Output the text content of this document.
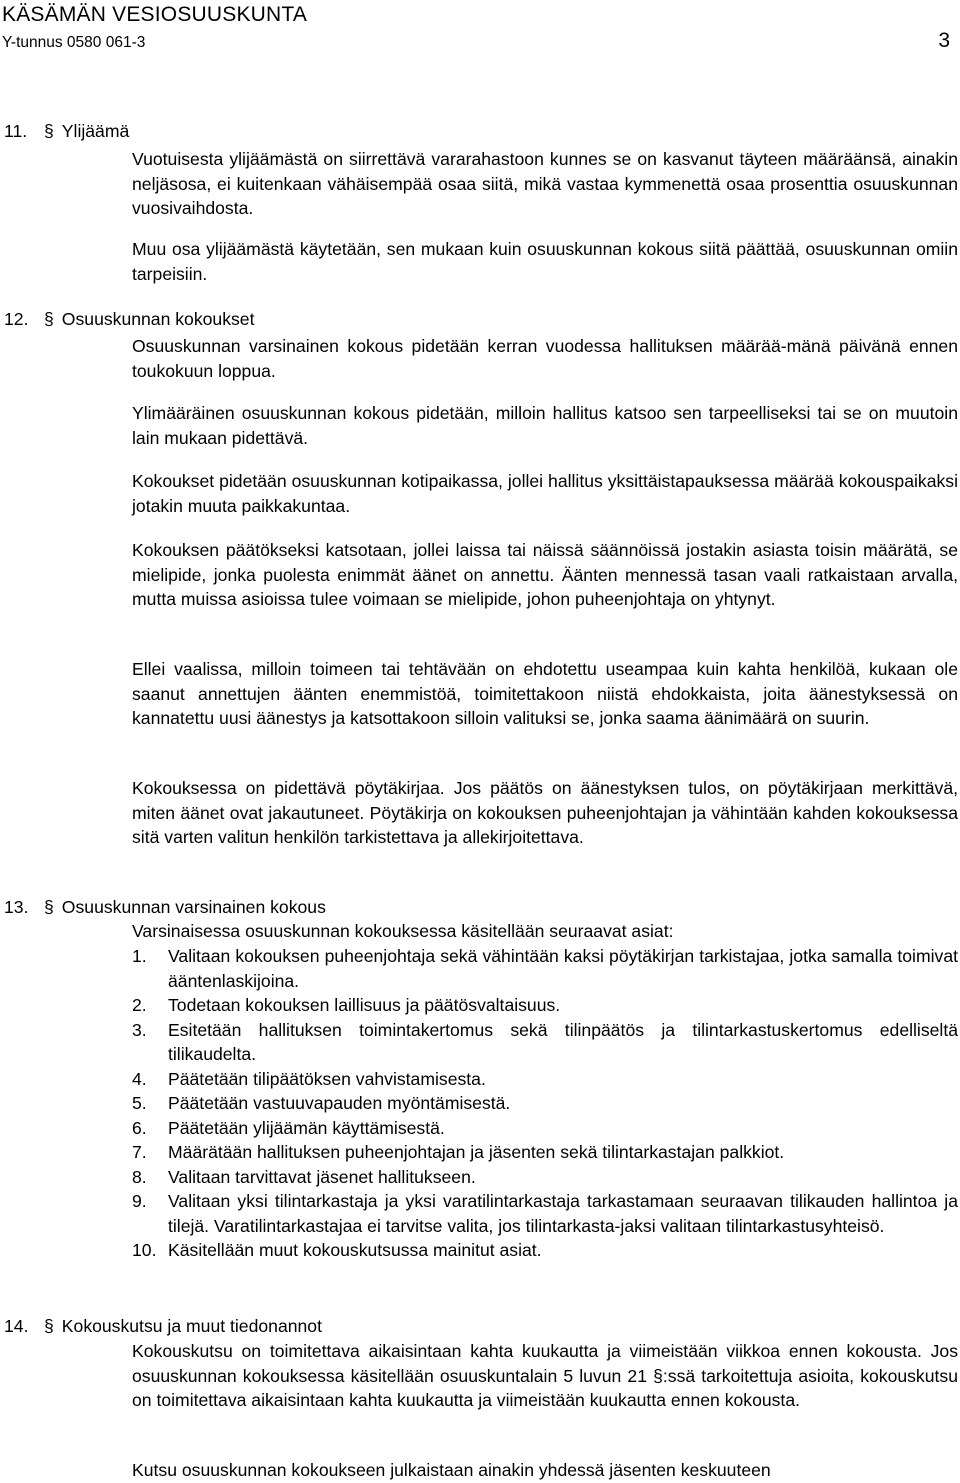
KÄSÄMÄN VESIOSUUSKUNTA
Y-tunnus 0580 061-3	3
11. § Ylijäämä
Vuotuisesta ylijäämästä on siirrettävä vararahastoon kunnes se on kasvanut täyteen määräänsä, ainakin neljäsosa, ei kuitenkaan vähäisempää osaa siitä, mikä vastaa kymmenettä osaa prosenttia osuuskunnan vuosivaihdosta.
Muu osa ylijäämästä käytetään, sen mukaan kuin osuuskunnan kokous siitä päättää, osuuskunnan omiin tarpeisiin.
12. § Osuuskunnan kokoukset
Osuuskunnan varsinainen kokous pidetään kerran vuodessa hallituksen määrää-mänä päivänä ennen toukokuun loppua.
Ylimääräinen osuuskunnan kokous pidetään, milloin hallitus katsoo sen tarpeelliseksi tai se on muutoin lain mukaan pidettävä.
Kokoukset pidetään osuuskunnan kotipaikassa, jollei hallitus yksittäistapauksessa määrää kokouspaikaksi jotakin muuta paikkakuntaa.
Kokouksen päätökseksi katsotaan, jollei laissa tai näissä säännöissä jostakin asiasta toisin määrätä, se mielipide, jonka puolesta enimmät äänet on annettu. Äänten mennessä tasan vaali ratkaistaan arvalla, mutta muissa asioissa tulee voimaan se mielipide, johon puheenjohtaja on yhtynyt.
Ellei vaalissa, milloin toimeen tai tehtävään on ehdotettu useampaa kuin kahta henkilöä, kukaan ole saanut annettujen äänten enemmistöä, toimitettakoon niistä ehdokkaista, joita äänestyksessä on kannatettu uusi äänestys ja katsottakoon silloin valituksi se, jonka saama äänimäärä on suurin.
Kokouksessa on pidettävä pöytäkirjaa. Jos päätös on äänestyksen tulos, on pöytäkirjaan merkittävä, miten äänet ovat jakautuneet. Pöytäkirja on kokouksen puheenjohtajan ja vähintään kahden kokouksessa sitä varten valitun henkilön tarkistettava ja allekirjoitettava.
13. § Osuuskunnan varsinainen kokous
Varsinaisessa osuuskunnan kokouksessa käsitellään seuraavat asiat:
1.	Valitaan kokouksen puheenjohtaja sekä vähintään kaksi pöytäkirjan tarkistajaa, jotka samalla toimivat ääntenlaskijoina.
2.	Todetaan kokouksen laillisuus ja päätösvaltaisuus.
3.	Esitetään hallituksen toimintakertomus sekä tilinpäätös ja tilintarkastuskertomus edelliseltä tilikaudelta.
4.	Päätetään tilipäätöksen vahvistamisesta.
5.	Päätetään vastuuvapauden myöntämisestä.
6.	Päätetään ylijäämän käyttämisestä.
7.	Määrätään hallituksen puheenjohtajan ja jäsenten sekä tilintarkastajan palkkiot.
8.	Valitaan tarvittavat jäsenet hallitukseen.
9.	Valitaan yksi tilintarkastaja ja yksi varatilintarkastaja tarkastamaan seuraavan tilikauden hallintoa ja tilejä. Varatilintarkastajaa ei tarvitse valita, jos tilintarkasta-jaksi valitaan tilintarkastusyhteisö.
10. Käsitellään muut kokouskutsussa mainitut asiat.
14. § Kokouskutsu ja muut tiedonannot
Kokouskutsu on toimitettava aikaisintaan kahta kuukautta ja viimeistään viikkoa ennen kokousta. Jos osuuskunnan kokouksessa käsitellään osuuskuntalain 5 luvun 21 §:ssä tarkoitettuja asioita, kokouskutsu on toimitettava aikaisintaan kahta kuukautta ja viimeistään kuukautta ennen kokousta.
Kutsu osuuskunnan kokoukseen julkaistaan ainakin yhdessä jäsenten keskuuteen
